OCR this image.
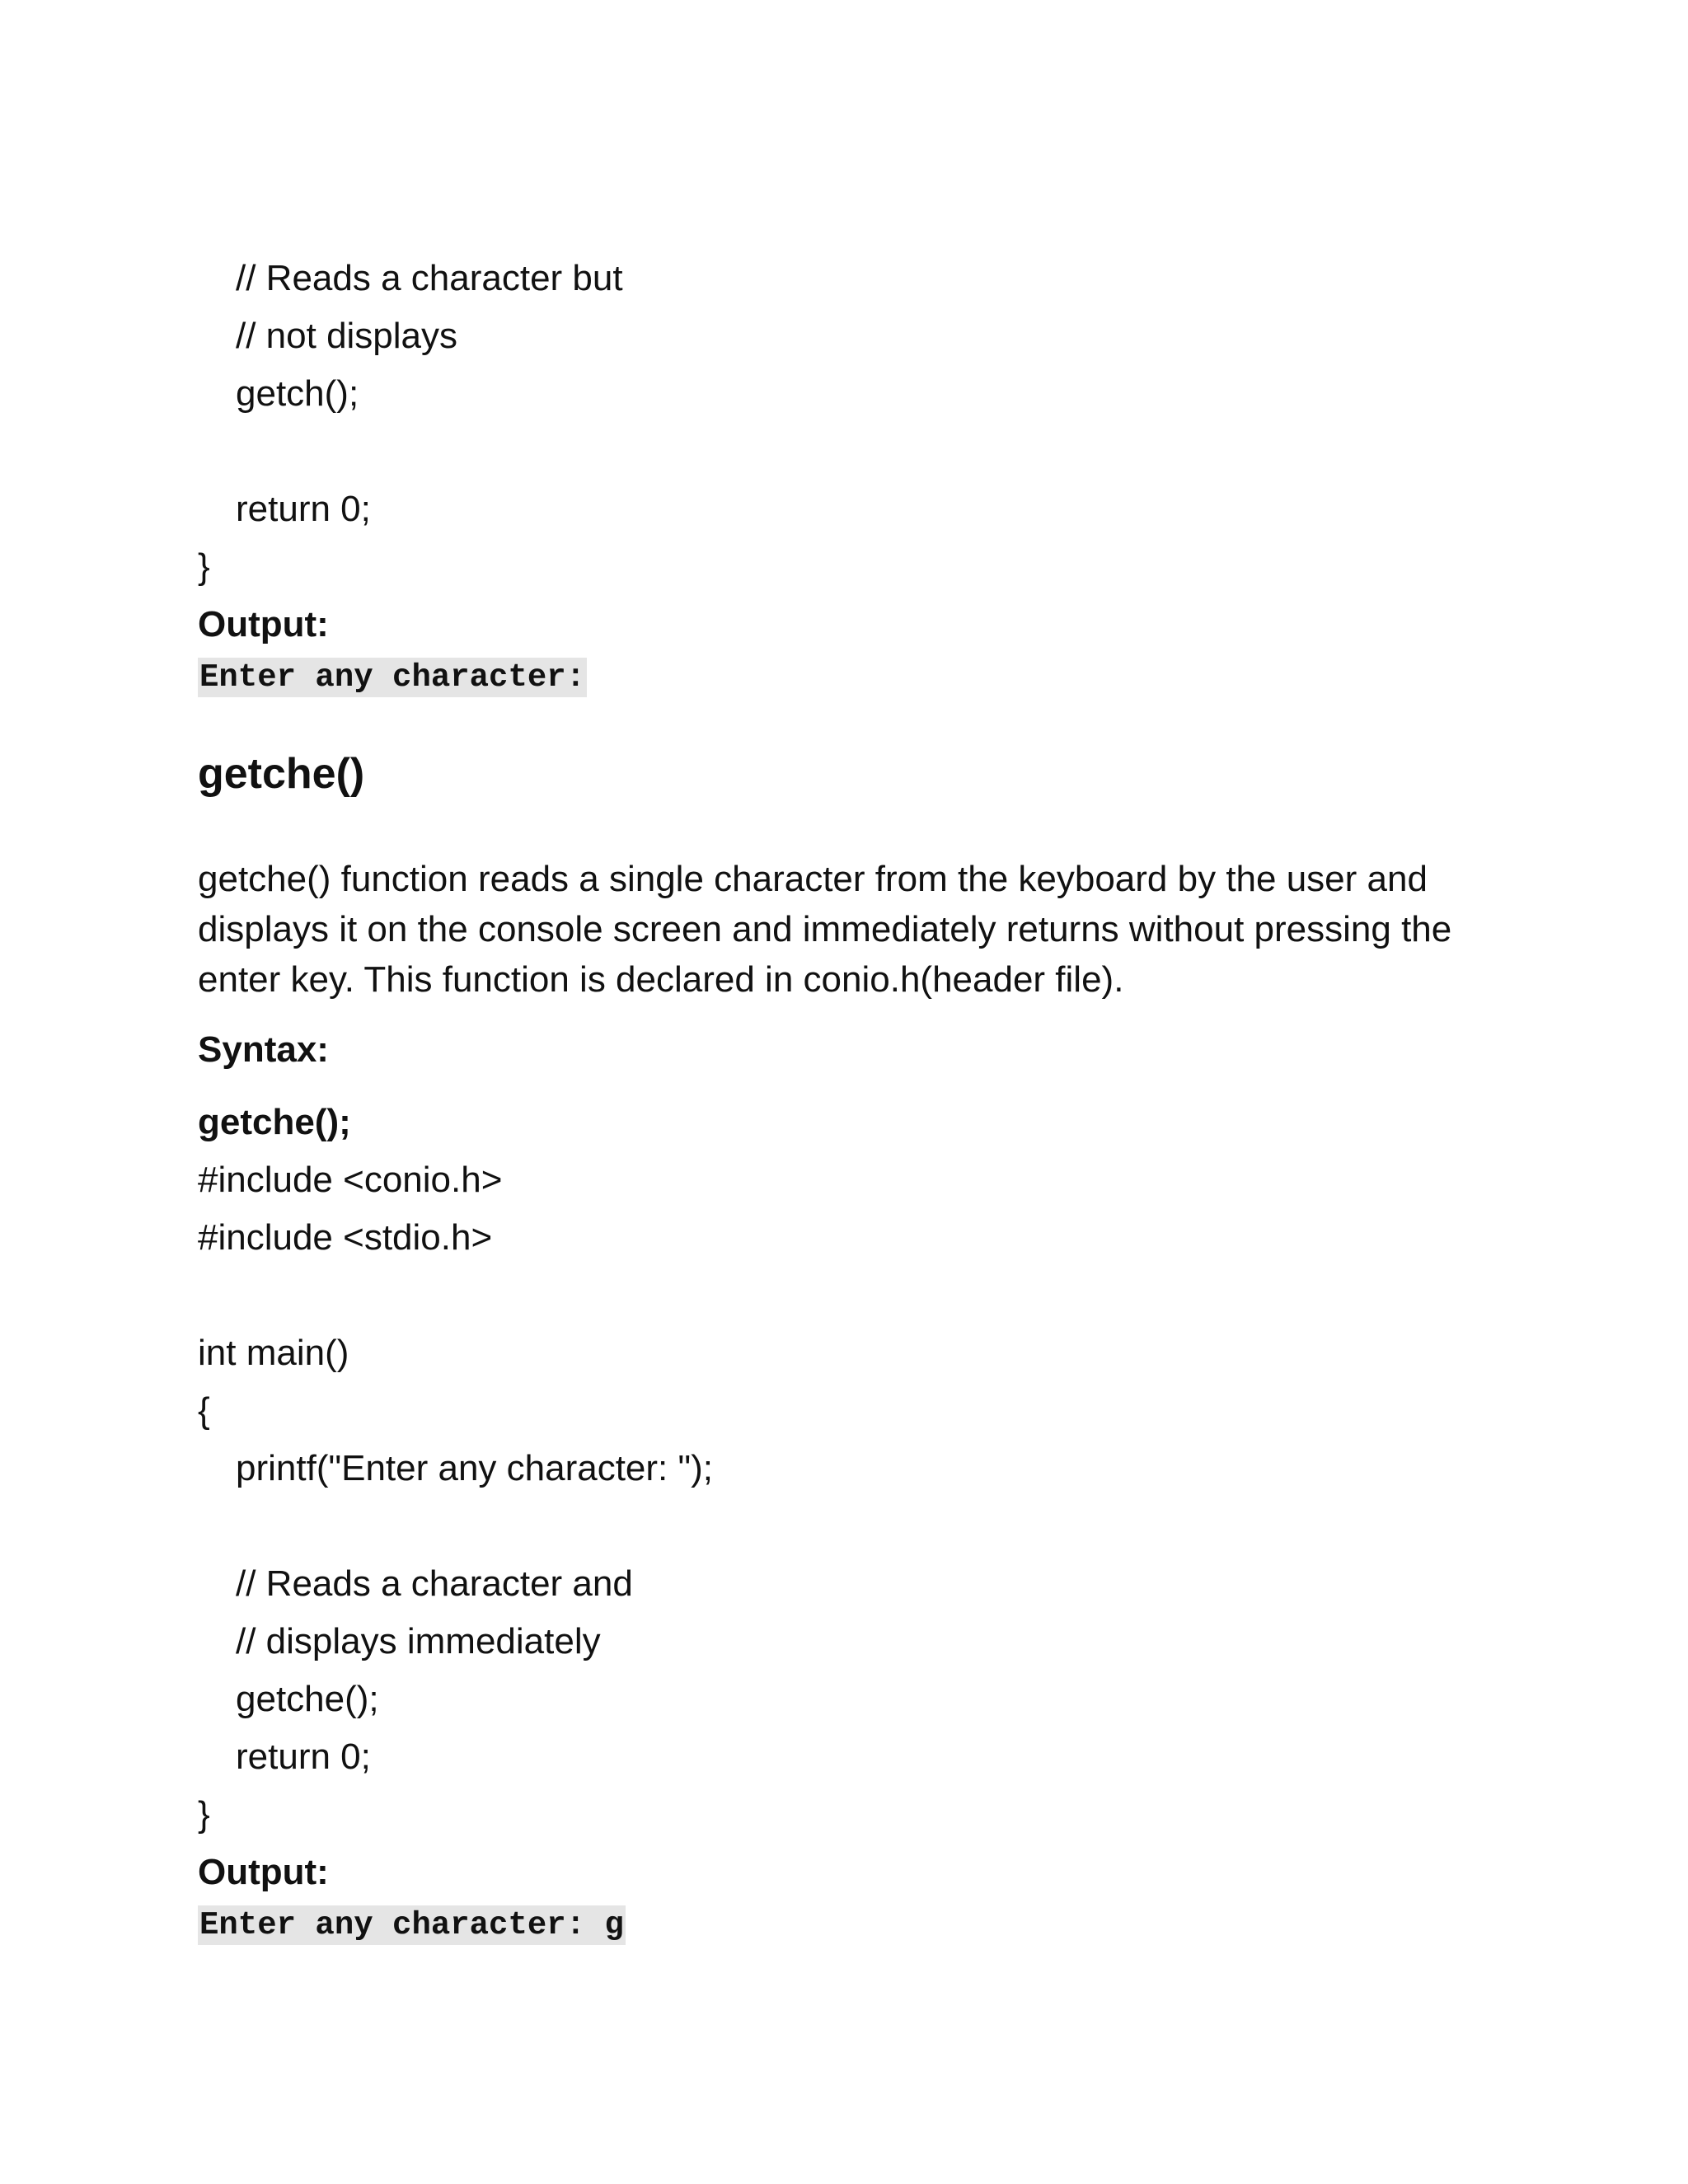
// Reads a character but
// not displays
getch();
return 0;
}
Output:
Enter any character:
getche()
getche() function reads a single character from the keyboard by the user and displays it on the console screen and immediately returns without pressing the enter key. This function is declared in conio.h(header file).
Syntax:
getche();
#include <conio.h>
#include <stdio.h>
int main()
{
printf("Enter any character: ");
// Reads a character and
// displays immediately
getche();
return 0;
}
Output:
Enter any character: g
